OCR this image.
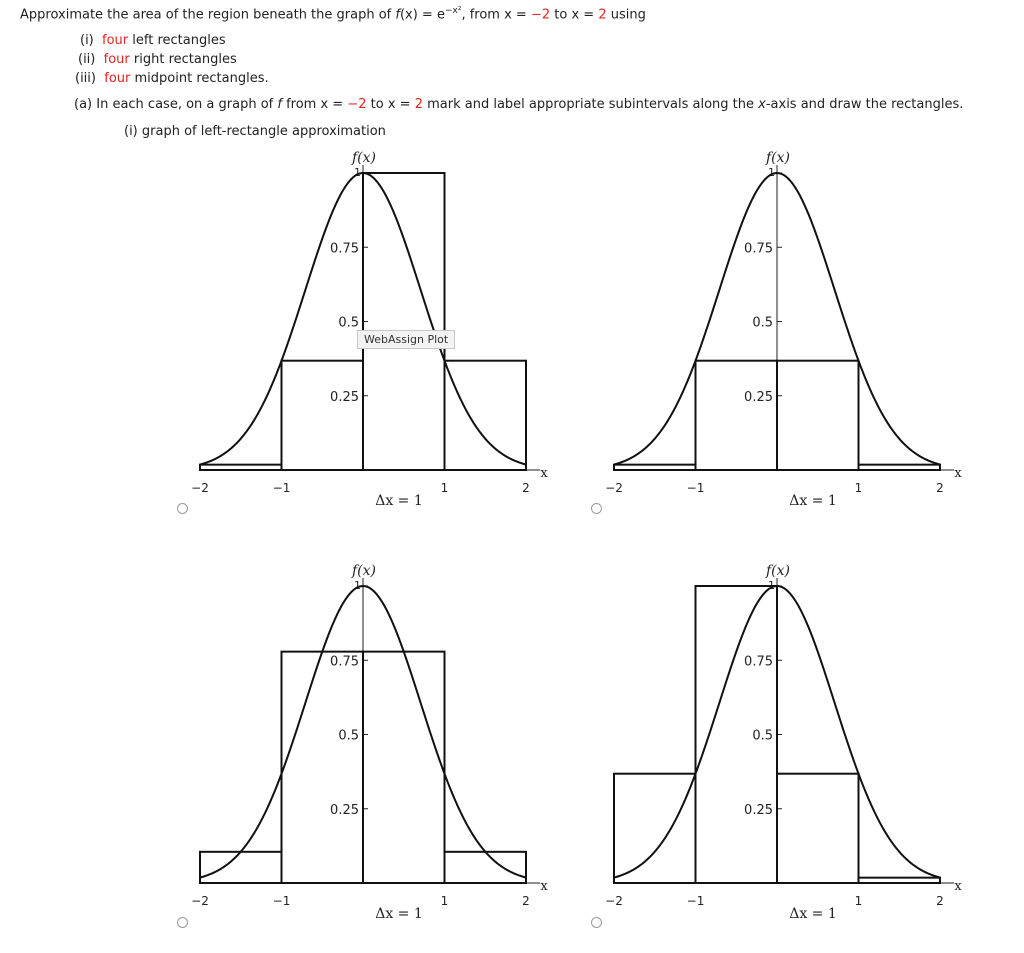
Approximate the area of the region beneath the graph of $f(x) = e^{-x^2}$, from x = −2 to x = 2 using
(i) four left rectangles
(ii) four right rectangles
(iii) four midpoint rectangles.
(a) In each case, on a graph of f from x = −2 to x = 2 mark and label appropriate subintervals along the x-axis and draw the rectangles.
(i) graph of left-rectangle approximation
0.75
0.5
0.25
1
−2	−1	1	2
f(x)
x
Δx = 1
0.75
0.5
0.25
1
−2	−1	1	2
f(x)
x
Δx = 1
0.75
0.5
0.25
1
−2	−1	1	2
f(x)
x
Δx = 1
0.75
0.5
0.25
1
−2	−1	1	2
f(x)
x
Δx = 1
WebAssign Plot
